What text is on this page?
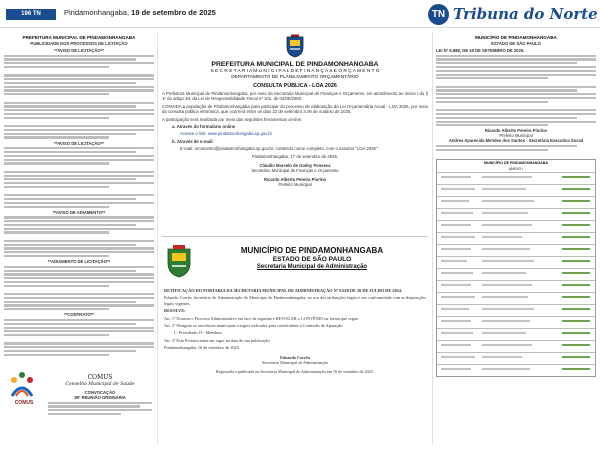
196 TN	Pindamonhangaba, 19 de setembro de 2025	TN Tribuna do Norte
PREFEITURA MUNICIPAL DE PINDAMONHANGABA
PUBLICIDADE DOS PROCESSOS DE LICITAÇÃO
**AVISO DE LICITAÇÃO**
**AVISO DE LICITAÇÃO**
**AVISO DE ADIAMENTO**
**ADIAMENTO DE LICITAÇÃO**
**CONTRATO**
COMUS
COMUS
Conselho Municipal de Saúde
CONVOCAÇÃO
38ª REUNIÃO ORDINÁRIA
PREFEITURA MUNICIPAL DE PINDAMONHANGABA
S E C R E T A R I A M U N I C I P A L D E F I N A N Ç A S E O R Ç A M E N T O
DEPARTAMENTO DE PLANEJAMENTO ORÇAMENTÁRIO
CONSULTA PÚBLICA - LOA 2026
A Prefeitura Municipal de Pindamonhangaba, por meio da Secretaria Municipal de Finanças e Orçamento, em atendimento ao inciso I do § 1º do artigo 48, da Lei de Responsabilidade Fiscal nº 101, de 04/05/2000.
CONVIDA a população de Pindamonhangaba para participar do processo de elaboração da Lei Orçamentária Anual - LOA 2026, por meio da consulta pública eletrônica, que ocorrerá entre os dias 22 de setembro a 06 de outubro de 2025.
A participação será realizada por meio das seguintes ferramentas on-line:
a. Através do formulário online
Acesse o link: www.pindamonhangaba.sp.gov.br
b. Através de e-mail:
E-mail: orcamento@pindamonhangaba.sp.gov.br, contendo nome completo, com o assunto "LOA 2026".
Pindamonhangaba, 17 de setembro de 2025.
Cláudio Marcelo de Godoy Fonseca
Secretário Municipal de Finanças e Orçamento
Ricardo Alberto Pereira Piorino
Prefeito Municipal
MUNICÍPIO DE PINDAMONHANGABA
ESTADO DE SÃO PAULO
Secretaria Municipal de Administração
RETIFICAÇÃO DO PORTARIA DA SECRETARIA MUNICIPAL DE ADMINISTRAÇÃO Nº 9.620 DE 26 DE JULHO DE 2024.
Eduardo Corrêa, Secretário de Administração do Município de Pindamonhangaba, no uso das atribuições legais e em conformidade com as disposições legais vigentes,
RESOLVE:
Art. 1º Nomear o Processo Administrativo em face da seguinte e REVOGAR o CONVÊNIO na forma que segue.
Art. 2º Designar os servidores municipais a seguir indicados para constituírem a Comissão de Apuração:
I - Presidente; II - Membros
Art. 3º Esta Portaria entra em vigor na data de sua publicação.
Pindamonhangaba, 16 de setembro de 2025.
Eduardo Corrêa
Secretário Municipal de Administração
Registrada e publicada na Secretaria Municipal de Administração em 16 de setembro de 2025.
MUNICÍPIO DE PINDAMONHANGABA
ESTADO DE SÃO PAULO
LEI Nº 6.888, DE 18 DE SETEMBRO DE 2025.
Ricardo Alberto Pereira Piorino
Prefeito Municipal
Andrea Aparecida Mendes dos Santos - Secretária Executiva Social
MUNICÍPIO DE PINDAMONHANGABA
ANEXO I
